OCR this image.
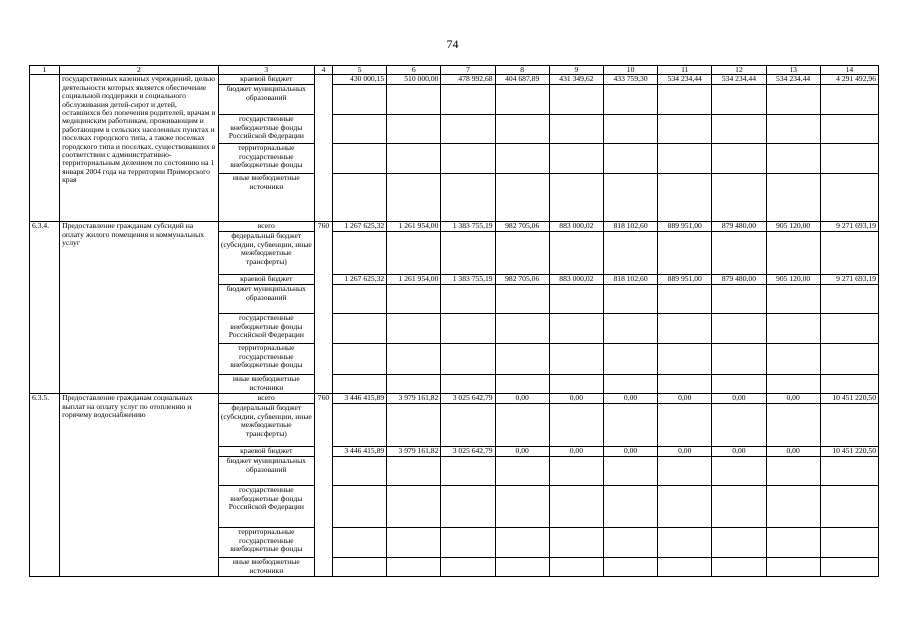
74
1	2	3	4	5	6	7	8	9	10	11	12	13	14
	государственных казенных учреждений, целью деятельности которых является обеспечение социальной поддержки и социального обслуживания детей-сирот и детей, оставшихся без попечения родителей, врачам и медицинским работникам, проживающим и работающим в сельских населенных пунктах и поселках городского типа, а также поселках городского типа и поселках, существовавших в соответствии с административно-территориальным делением по состоянию на 1 января 2004 года на территории Приморского края	краевой бюджет		430 000,15	510 000,00	478 992,68	404 687,89	431 349,62	433 759,30	534 234,44	534 234,44	534 234,44	4 291 492,96
		бюджет муниципальных образований											
		государственные внебюджетные фонды Российской Федерации											
		территориальные государственные внебюджетные фонды											
		иные внебюджетные источники											
6.3.4.	Предоставление гражданам субсидий на оплату жилого помещения и коммунальных услуг	всего	760	1 267 625,32	1 261 954,00	1 383 755,19	982 705,06	883 000,02	818 102,60	889 951,00	879 480,00	905 120,00	9 271 693,19
		федеральный бюджет (субсидии, субвенции, иные межбюджетные трансферты)											
		краевой бюджет		1 267 625,32	1 261 954,00	1 383 755,19	982 705,06	883 000,02	818 102,60	889 951,00	879 480,00	905 120,00	9 271 693,19
		бюджет муниципальных образований											
		государственные внебюджетные фонды Российской Федерации											
		территориальные государственные внебюджетные фонды											
		иные внебюджетные источники											
6.3.5.	Предоставление гражданам социальных выплат на оплату услуг по отоплению и горячему водоснабжению	всего	760	3 446 415,89	3 979 161,82	3 025 642,79	0,00	0,00	0,00	0,00	0,00	0,00	10 451 220,50
		федеральный бюджет (субсидии, субвенции, иные межбюджетные трансферты)											
		краевой бюджет		3 446 415,89	3 979 161,82	3 025 642,79	0,00	0,00	0,00	0,00	0,00	0,00	10 451 220,50
		бюджет муниципальных образований											
		государственные внебюджетные фонды Российской Федерации											
		территориальные государственные внебюджетные фонды											
		иные внебюджетные источники											
